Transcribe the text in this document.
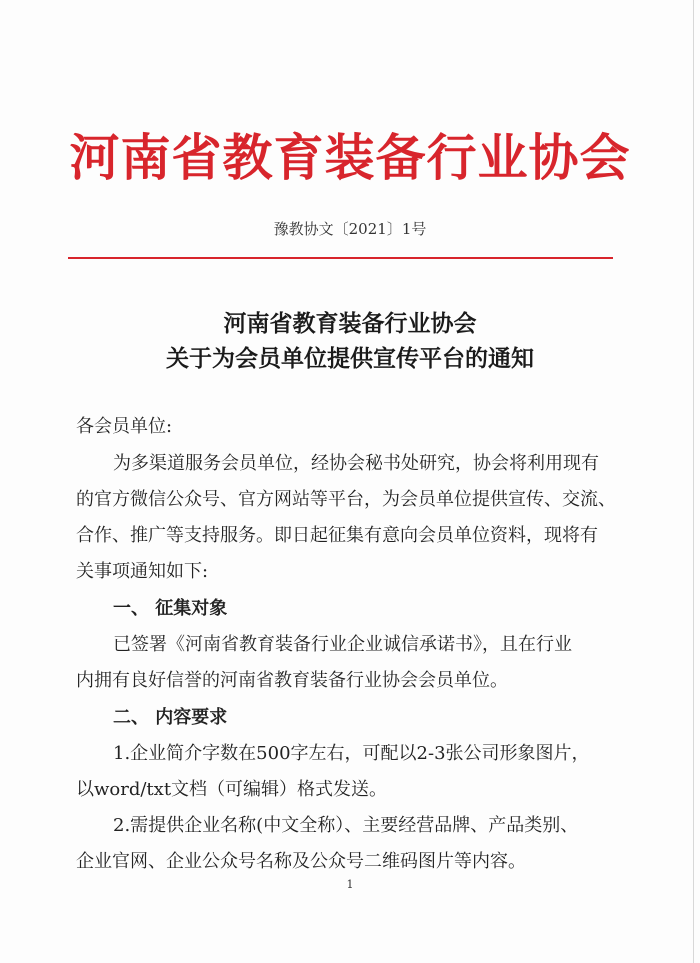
河南省教育装备行业协会
豫教协文〔2021〕1号
河南省教育装备行业协会
关于为会员单位提供宣传平台的通知
各会员单位:
为多渠道服务会员单位，经协会秘书处研究，协会将利用现有
的官方微信公众号、官方网站等平台，为会员单位提供宣传、交流、
合作、推广等支持服务。即日起征集有意向会员单位资料，现将有
关事项通知如下:
一、 征集对象
已签署《河南省教育装备行业企业诚信承诺书》，且在行业
内拥有良好信誉的河南省教育装备行业协会会员单位。
二、 内容要求
1.企业简介字数在500字左右，可配以2-3张公司形象图片，
以word/txt文档（可编辑）格式发送。
2.需提供企业名称(中文全称）、主要经营品牌、产品类别、
企业官网、企业公众号名称及公众号二维码图片等内容。
1
